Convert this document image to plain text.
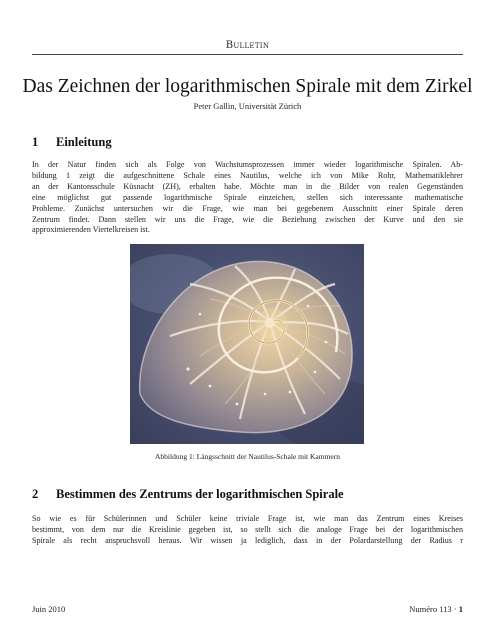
Bulletin
Das Zeichnen der logarithmischen Spirale mit dem Zirkel
Peter Gallin, Universität Zürich
1 Einleitung
In der Natur finden sich als Folge von Wachstumsprozessen immer wieder logarithmische Spiralen. Ab-
bildung 1 zeigt die aufgeschnittene Schale eines Nautilus, welche ich von Mike Rohr, Mathematiklehrer
an der Kantonsschule Küsnacht (ZH), erhalten habe. Möchte man in die Bilder von realen Gegenständen
eine möglichst gut passende logarithmische Spirale einzeichen, stellen sich interessante mathematische
Probleme. Zunächst untersuchen wir die Frage, wie man bei gegebenem Ausschnitt einer Spirale deren
Zentrum findet. Dann stellen wir uns die Frage, wie die Beziehung zwischen der Kurve und den sie
approximierenden Viertelkreisen ist.
Abbildung 1: Längsschnitt der Nautilus-Schale mit Kammern
2 Bestimmen des Zentrums der logarithmischen Spirale
So wie es für Schülerinnen und Schüler keine triviale Frage ist, wie man das Zentrum eines Kreises
bestimmt, von dem nur die Kreislinie gegeben ist, so stellt sich die analoge Frage bei der logarithmischen
Spirale als recht anspruchsvoll heraus. Wir wissen ja lediglich, dass in der Polardarstellung der Radius r
Juin 2010	Numéro 113 · 1
